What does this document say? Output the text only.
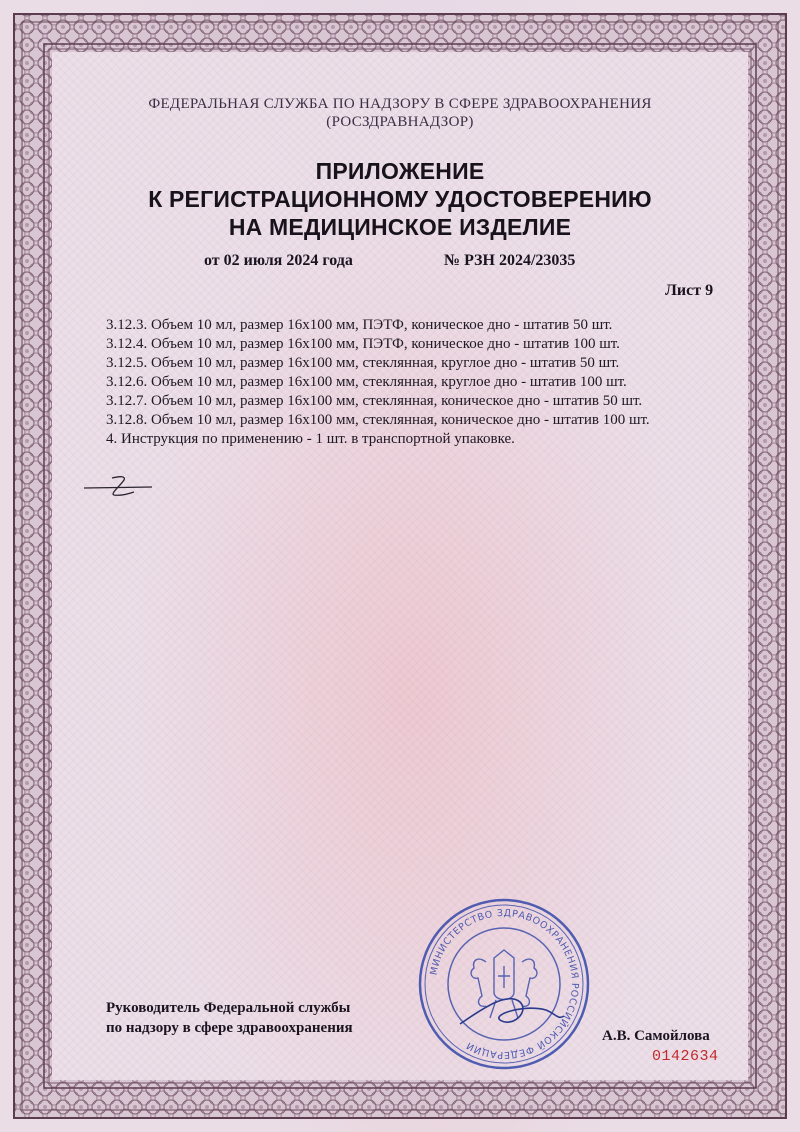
ФЕДЕРАЛЬНАЯ СЛУЖБА ПО НАДЗОРУ В СФЕРЕ ЗДРАВООХРАНЕНИЯ
(РОСЗДРАВНАДЗОР)
ПРИЛОЖЕНИЕ
К РЕГИСТРАЦИОННОМУ УДОСТОВЕРЕНИЮ
НА МЕДИЦИНСКОЕ ИЗДЕЛИЕ
от 02 июля 2024 года	№ РЗН 2024/23035
Лист 9
3.12.3. Объем 10 мл, размер 16х100 мм, ПЭТФ, коническое дно - штатив 50 шт.
3.12.4. Объем 10 мл, размер 16х100 мм, ПЭТФ, коническое дно - штатив 100 шт.
3.12.5. Объем 10 мл, размер 16х100 мм, стеклянная, круглое дно - штатив 50 шт.
3.12.6. Объем 10 мл, размер 16х100 мм, стеклянная, круглое дно - штатив 100 шт.
3.12.7. Объем 10 мл, размер 16х100 мм, стеклянная, коническое дно - штатив 50 шт.
3.12.8. Объем 10 мл, размер 16х100 мм, стеклянная, коническое дно - штатив 100 шт.
4. Инструкция по применению - 1 шт. в транспортной упаковке.
Руководитель Федеральной службы
по надзору в сфере здравоохранения
МИНИСТЕРСТВО ЗДРАВООХРАНЕНИЯ РОССИЙСКОЙ ФЕДЕРАЦИИ
А.В. Самойлова
0142634
